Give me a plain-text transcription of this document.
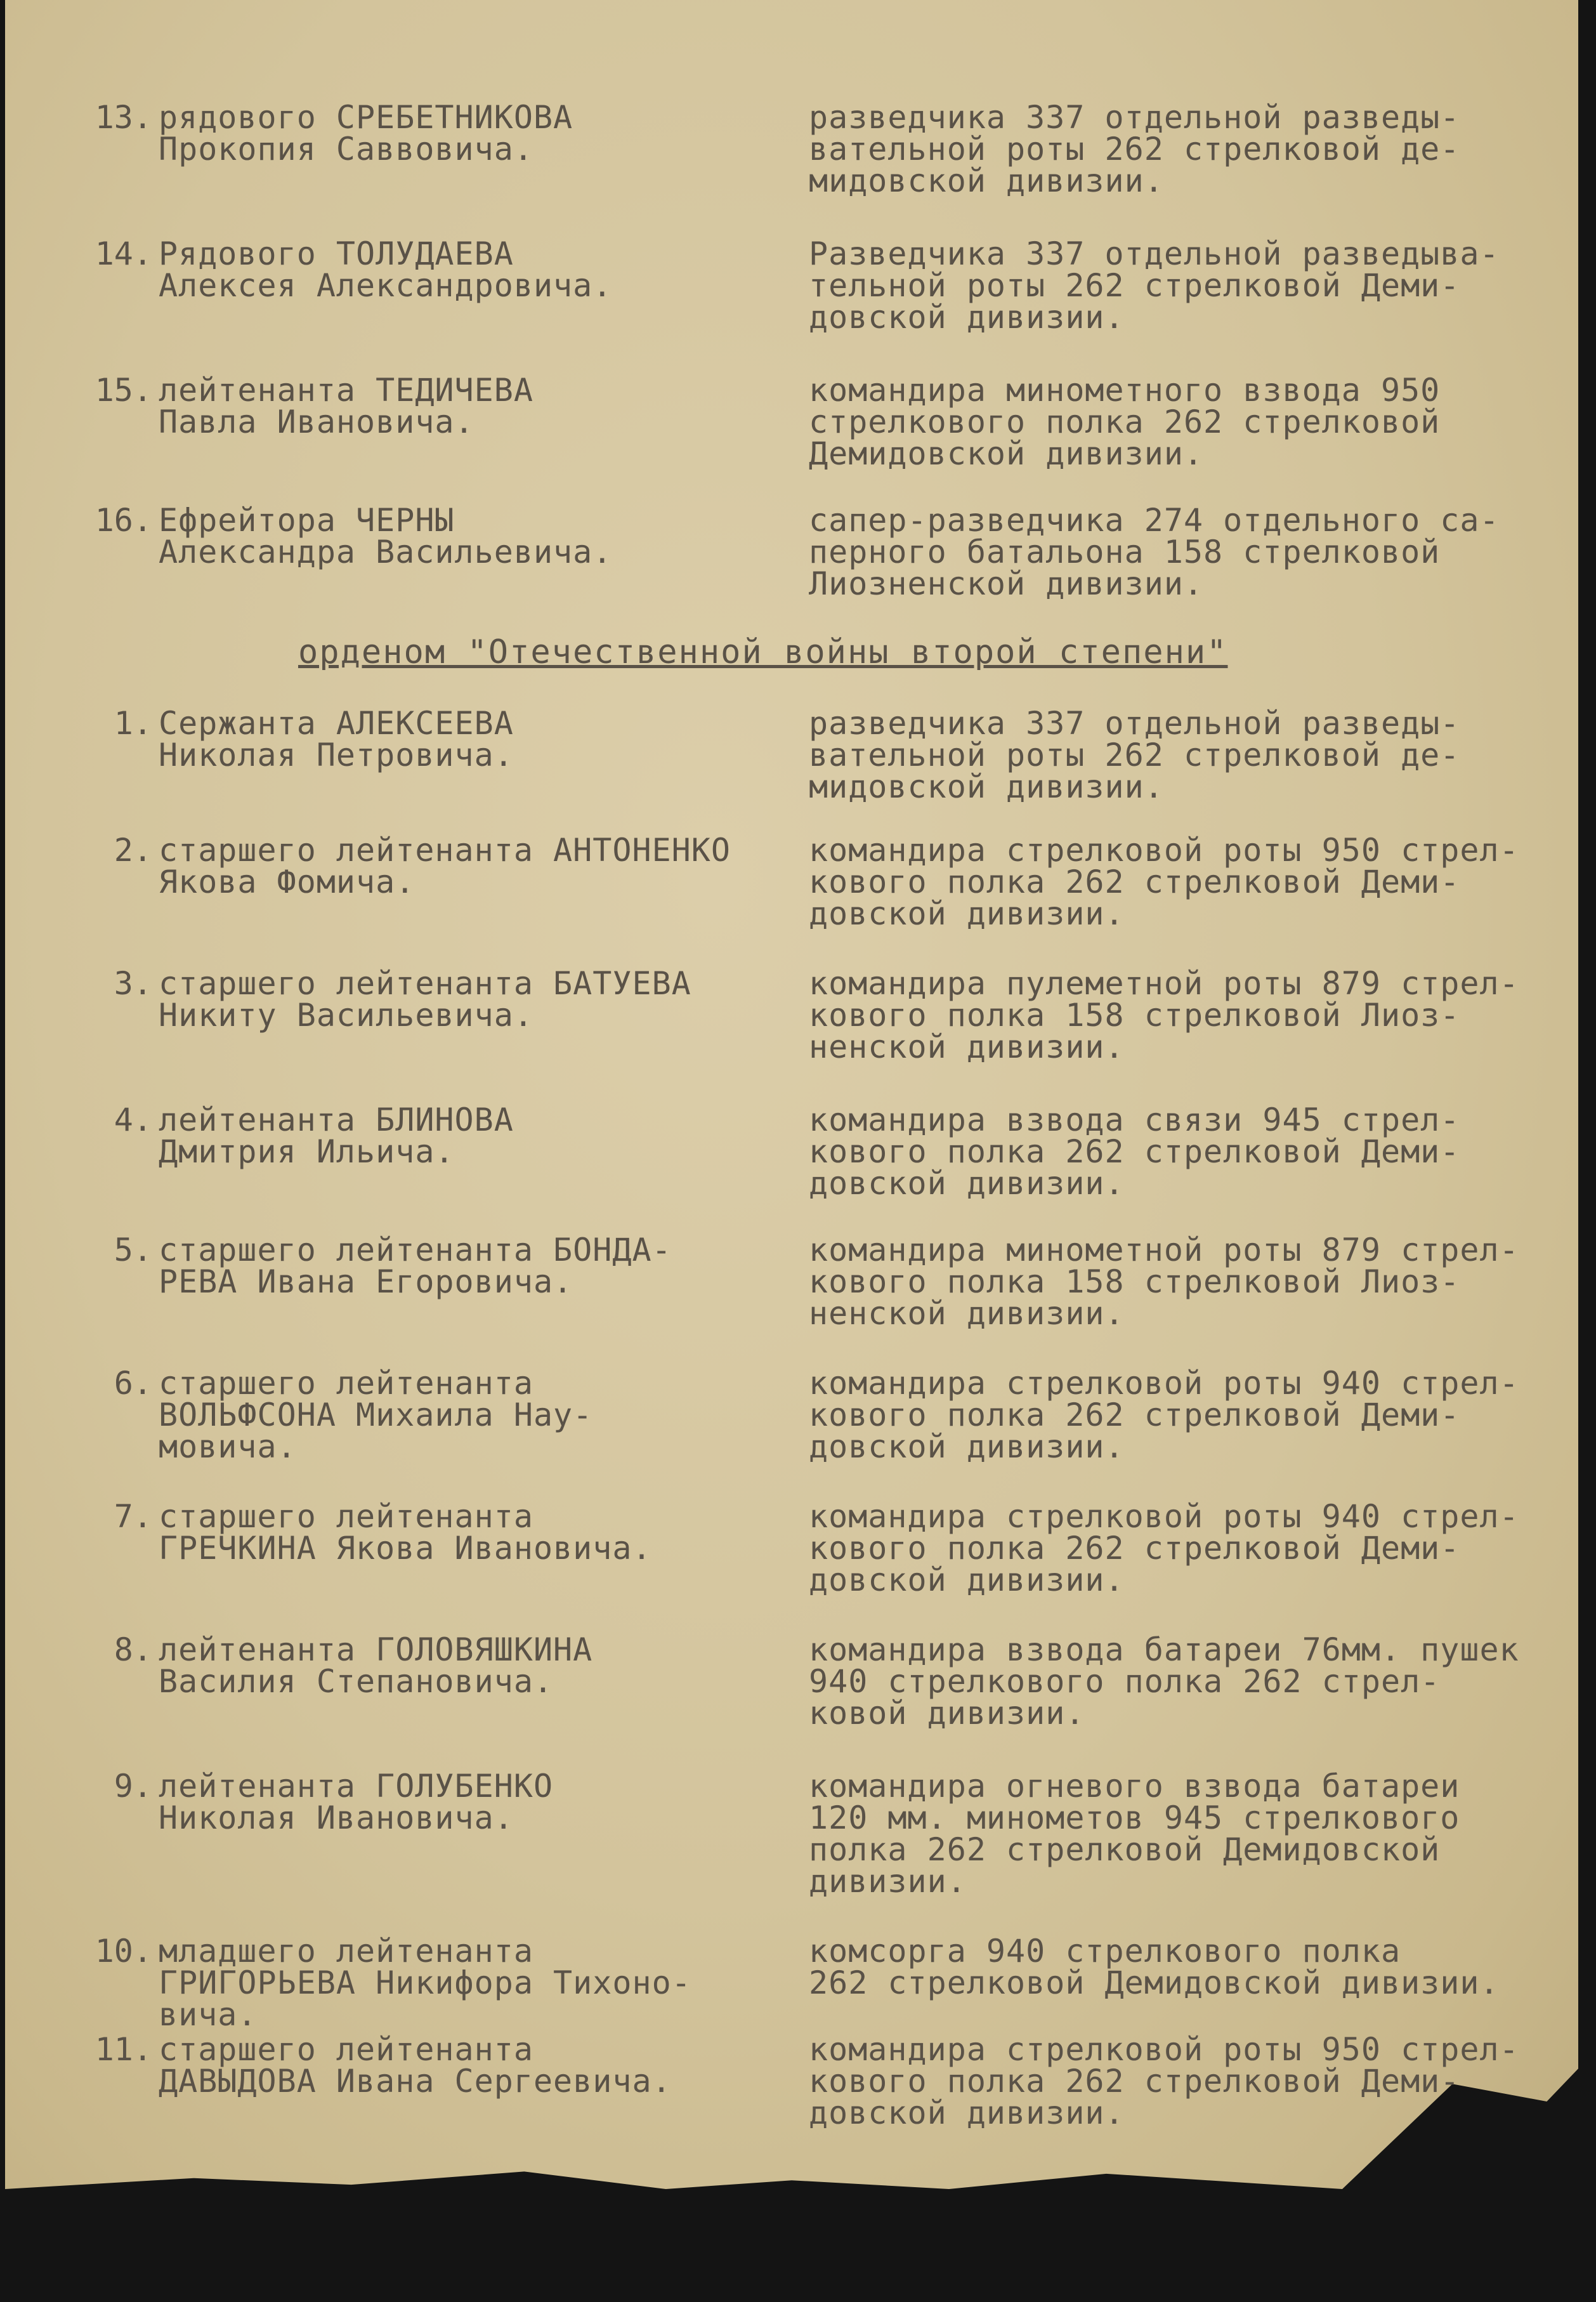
13. рядового СРЕБЕТНИКОВА
Прокопия Саввовича.
разведчика 337 отдельной разведы-
вательной роты 262 стрелковой де-
мидовской дивизии.
14. Рядового ТОЛУДАЕВА
Алексея Александровича.
Разведчика 337 отдельной разведыва-
тельной роты 262 стрелковой Деми-
довской дивизии.
15. лейтенанта ТЕДИЧЕВА
Павла Ивановича.
командира минометного взвода 950
стрелкового полка 262 стрелковой
Демидовской дивизии.
16. Ефрейтора ЧЕРНЫ
Александра Васильевича.
сапер-разведчика 274 отдельного са-
перного батальона 158 стрелковой
Лиозненской дивизии.
орденом "Отечественной войны второй степени"
1. Сержанта АЛЕКСЕЕВА
Николая Петровича.
разведчика 337 отдельной разведы-
вательной роты 262 стрелковой де-
мидовской дивизии.
2. старшего лейтенанта АНТОНЕНКО
Якова Фомича.
командира стрелковой роты 950 стрел-
кового полка 262 стрелковой Деми-
довской дивизии.
3. старшего лейтенанта БАТУЕВА
Никиту Васильевича.
командира пулеметной роты 879 стрел-
кового полка 158 стрелковой Лиоз-
ненской дивизии.
4. лейтенанта БЛИНОВА
Дмитрия Ильича.
командира взвода связи 945 стрел-
кового полка 262 стрелковой Деми-
довской дивизии.
5. старшего лейтенанта БОНДА-
РЕВА Ивана Егоровича.
командира минометной роты 879 стрел-
кового полка 158 стрелковой Лиоз-
ненской дивизии.
6. старшего лейтенанта
ВОЛЬФСОНА Михаила Нау-
мовича.
командира стрелковой роты 940 стрел-
кового полка 262 стрелковой Деми-
довской дивизии.
7. старшего лейтенанта
ГРЕЧКИНА Якова Ивановича.
командира стрелковой роты 940 стрел-
кового полка 262 стрелковой Деми-
довской дивизии.
8. лейтенанта ГОЛОВЯШКИНА
Василия Степановича.
командира взвода батареи 76мм. пушек
940 стрелкового полка 262 стрел-
ковой дивизии.
9. лейтенанта ГОЛУБЕНКО
Николая Ивановича.
командира огневого взвода батареи
120 мм. минометов 945 стрелкового
полка 262 стрелковой Демидовской
дивизии.
10. младшего лейтенанта
ГРИГОРЬЕВА Никифора Тихоно-
вича.
комсорга 940 стрелкового полка
262 стрелковой Демидовской дивизии.
11. старшего лейтенанта
ДАВЫДОВА Ивана Сергеевича.
командира стрелковой роты 950 стрел-
кового полка 262 стрелковой Деми-
довской дивизии.
